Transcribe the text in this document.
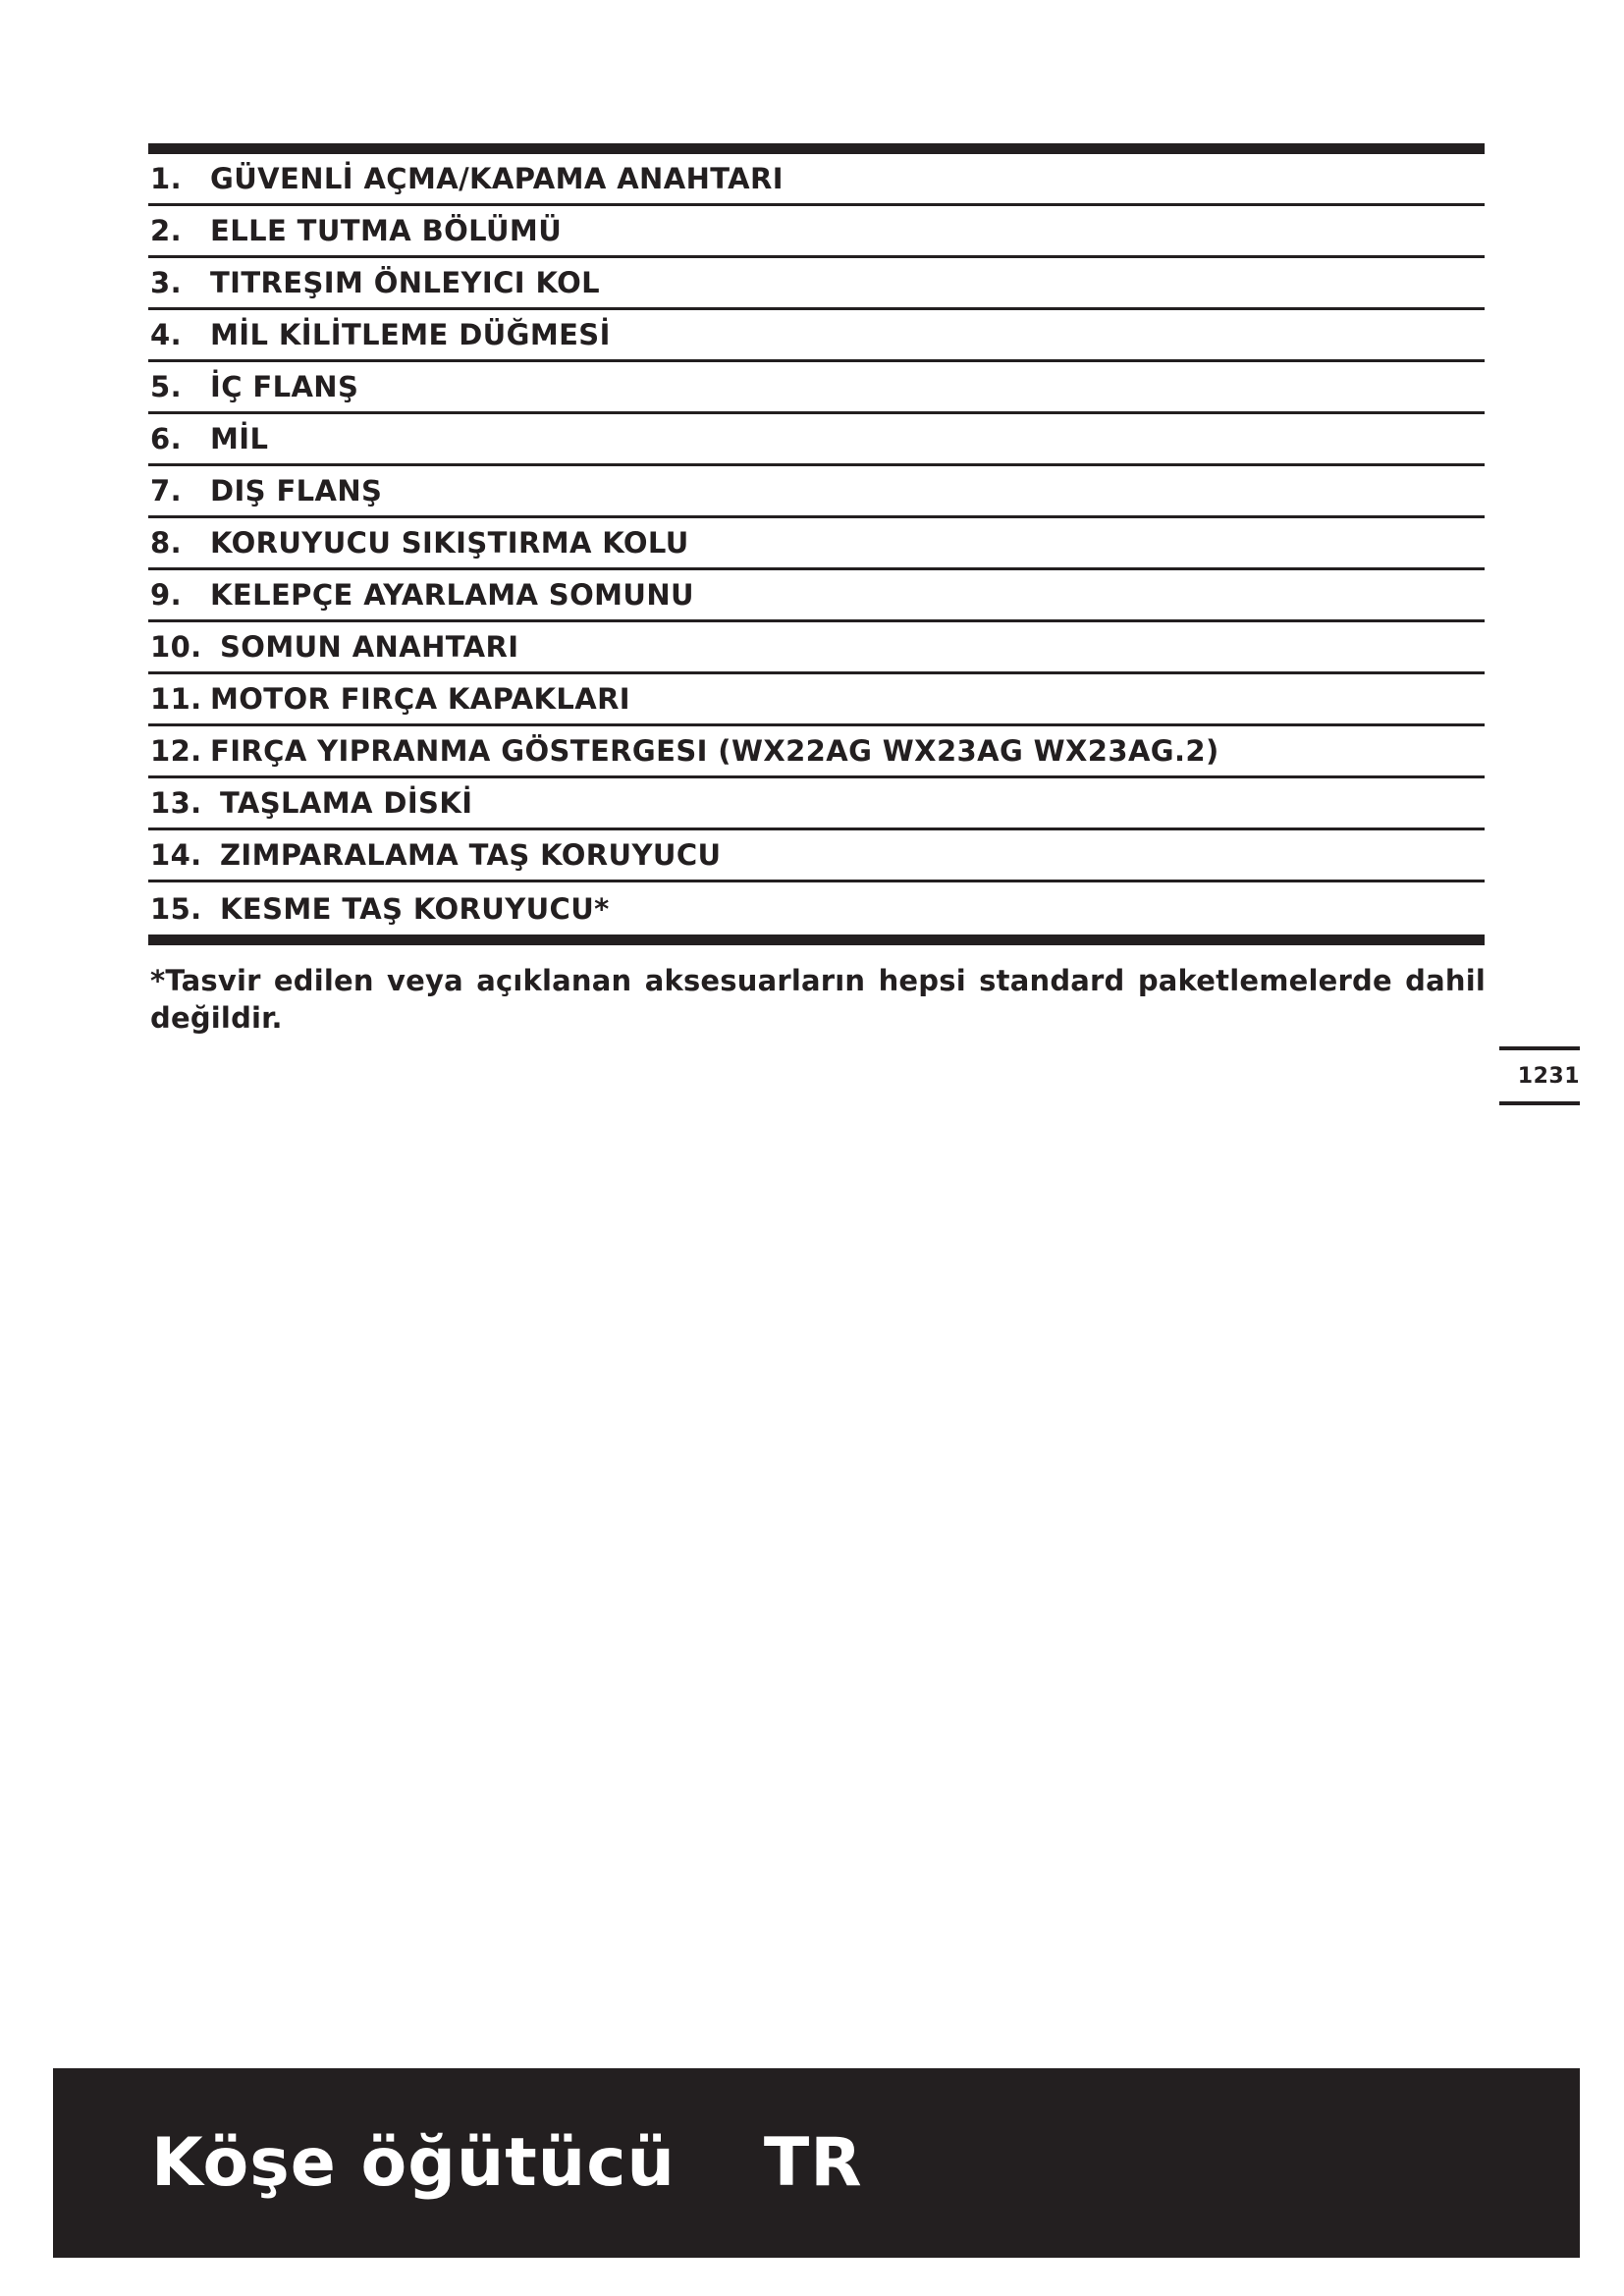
1.	GÜVENLİ AÇMA/KAPAMA ANAHTARI
2.	ELLE TUTMA BÖLÜMÜ
3.	TITREŞIM ÖNLEYICI KOL
4.	MİL KİLİTLEME DÜĞMESİ
5.	İÇ FLANŞ
6.	MİL
7.	DIŞ FLANŞ
8.	KORUYUCU SIKIŞTIRMA KOLU
9.	KELEPÇE AYARLAMA SOMUNU
10. SOMUN ANAHTARI
11. MOTOR FIRÇA KAPAKLARI
12. FIRÇA YIPRANMA GÖSTERGESI (WX22AG WX23AG WX23AG.2)
13. TAŞLAMA DİSKİ
14. ZIMPARALAMA TAŞ KORUYUCU
15. KESME TAŞ KORUYUCU*
*Tasvir edilen veya açıklanan aksesuarların hepsi standard paketlemelerde dahil değildir.
1231
Köşe öğütücü TR
